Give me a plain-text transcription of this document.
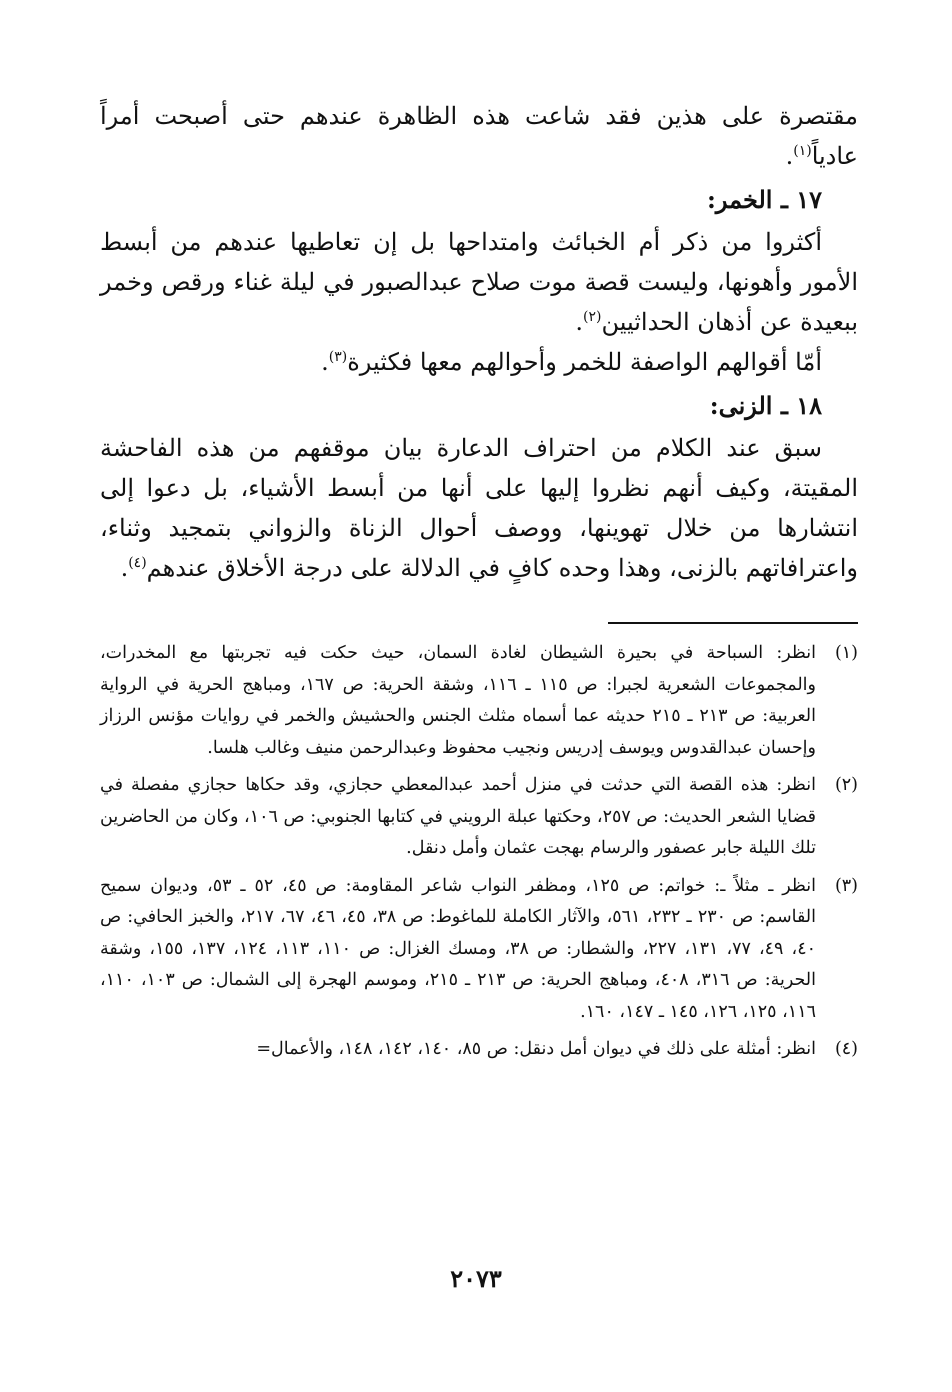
مقتصرة على هذين فقد شاعت هذه الظاهرة عندهم حتى أصبحت أمراً عادياً$^{(١)}$.

١٧ ـ الخمر:

أكثروا من ذكر أم الخبائث وامتداحها بل إن تعاطيها عندهم من أبسط الأمور وأهونها، وليست قصة موت صلاح عبدالصبور في ليلة غناء ورقص وخمر ببعيدة عن أذهان الحداثيين$^{(٢)}$.

أمّا أقوالهم الواصفة للخمر وأحوالهم معها فكثيرة$^{(٣)}$.

١٨ ـ الزنى:

سبق عند الكلام من احتراف الدعارة بيان موقفهم من هذه الفاحشة المقيتة، وكيف أنهم نظروا إليها على أنها من أبسط الأشياء، بل دعوا إلى انتشارها من خلال تهوينها، ووصف أحوال الزناة والزواني بتمجيد وثناء، واعترافاتهم بالزنى، وهذا وحده كافٍ في الدلالة على درجة الأخلاق عندهم$^{(٤)}$.

(١)
انظر: السباحة في بحيرة الشيطان لغادة السمان، حيث حكت فيه تجربتها مع المخدرات، والمجموعات الشعرية لجبرا: ص ١١٥ ـ ١١٦، وشقة الحرية: ص ١٦٧، ومباهج الحرية في الرواية العربية: ص ٢١٣ ـ ٢١٥ حديثه عما أسماه مثلث الجنس والحشيش والخمر في روايات مؤنس الرزاز وإحسان عبدالقدوس ويوسف إدريس ونجيب محفوظ وعبدالرحمن منيف وغالب هلسا.
(٢)
انظر: هذه القصة التي حدثت في منزل أحمد عبدالمعطي حجازي، وقد حكاها حجازي مفصلة في قضايا الشعر الحديث: ص ٢٥٧، وحكتها عبلة الرويني في كتابها الجنوبي: ص ١٠٦، وكان من الحاضرين تلك الليلة جابر عصفور والرسام بهجت عثمان وأمل دنقل.
(٣)
انظر ـ مثلاً ـ: خواتم: ص ١٢٥، ومظفر النواب شاعر المقاومة: ص ٤٥، ٥٢ ـ ٥٣، وديوان سميح القاسم: ص ٢٣٠ ـ ٢٣٢، ٥٦١، والآثار الكاملة للماغوط: ص ٣٨، ٤٥، ٤٦، ٦٧، ٢١٧، والخبز الحافي: ص ٤٠، ٤٩، ٧٧، ١٣١، ٢٢٧، والشطار: ص ٣٨، ومسك الغزال: ص ١١٠، ١١٣، ١٢٤، ١٣٧، ١٥٥، وشقة الحرية: ص ٣١٦، ٤٠٨، ومباهج الحرية: ص ٢١٣ ـ ٢١٥، وموسم الهجرة إلى الشمال: ص ١٠٣، ١١٠، ١١٦، ١٢٥، ١٢٦، ١٤٥ ـ ١٤٧، ١٦٠.
(٤)
انظر: أمثلة على ذلك في ديوان أمل دنقل: ص ٨٥، ١٤٠، ١٤٢، ١٤٨، والأعمال=
٢٠٧٣
